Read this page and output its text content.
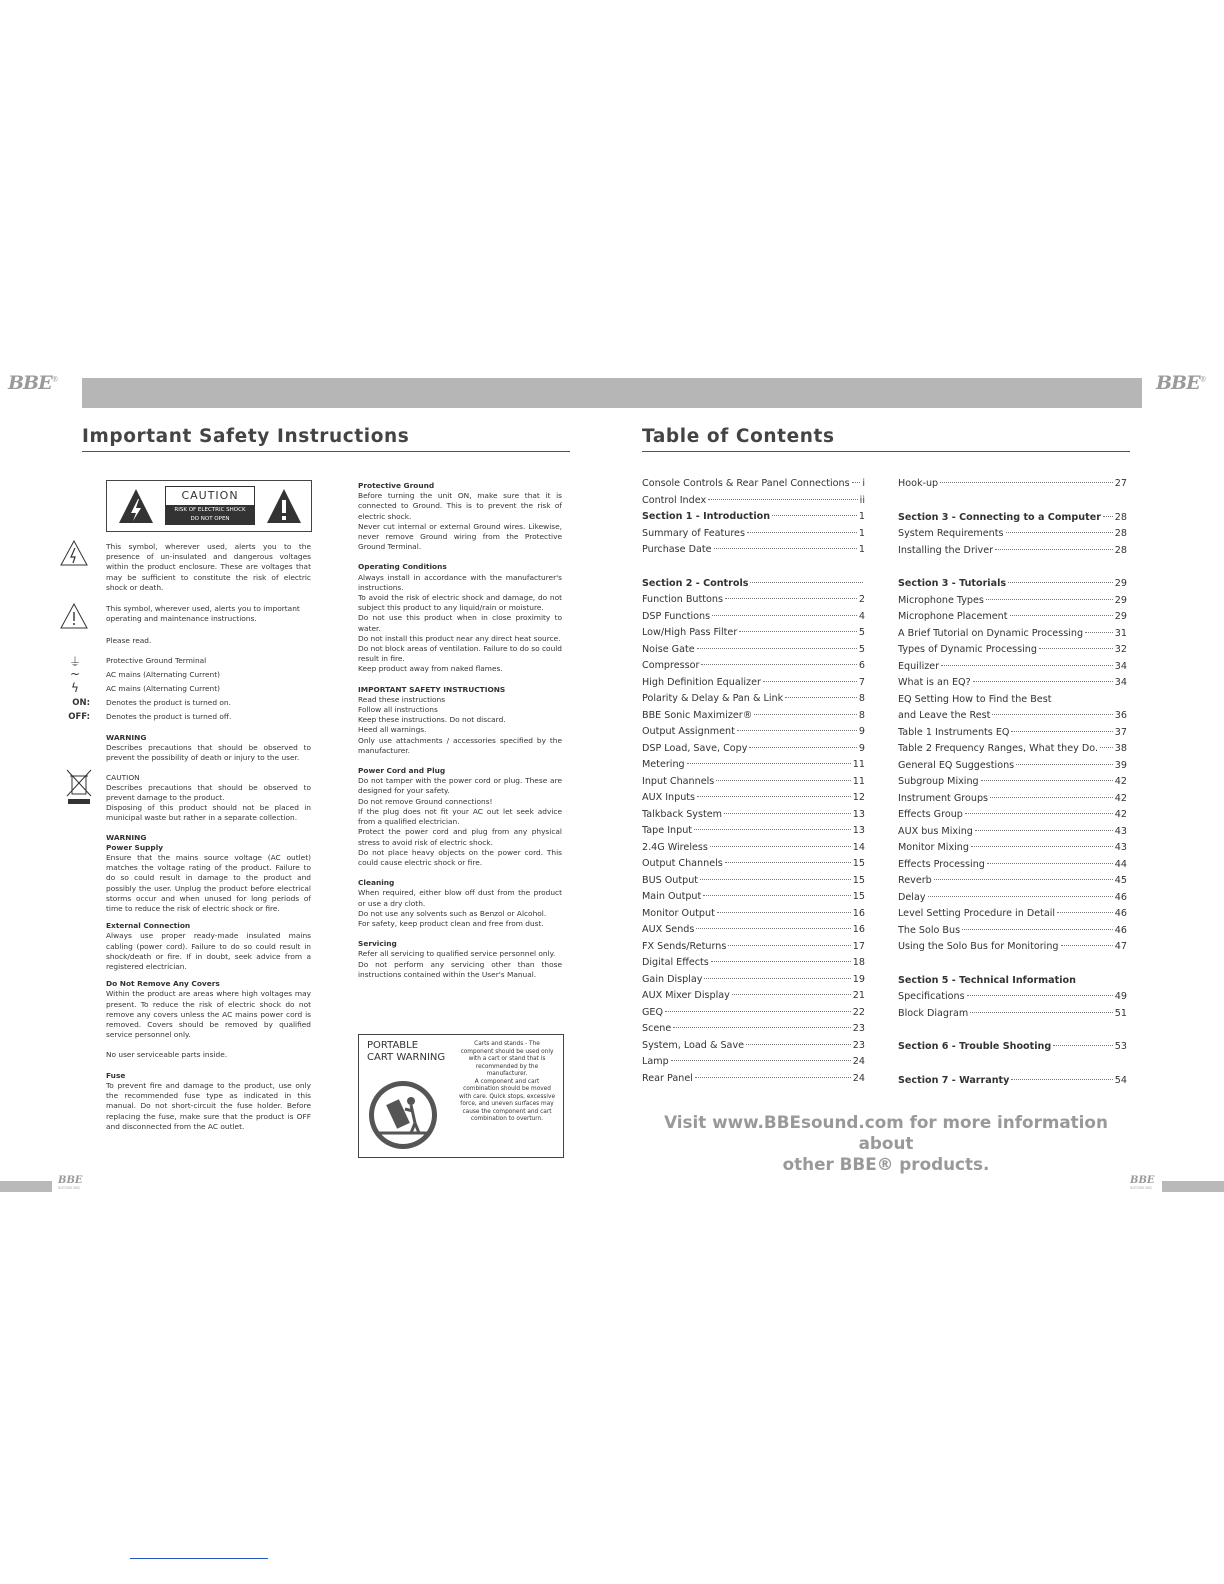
BBE®	BBE®
Important Safety Instructions
CAUTION
RISK OF ELECTRIC SHOCK
DO NOT OPEN
This symbol, wherever used, alerts you to the presence of un-insulated and dangerous voltages within the product enclosure. These are voltages that may be sufficient to constitute the risk of electric shock or death.
This symbol, wherever used, alerts you to important operating and maintenance instructions.
Please read.
⏚	Protective Ground Terminal
~	AC mains (Alternating Current)
ϟ	AC mains (Alternating Current)
ON: Denotes the product is turned on.
OFF: Denotes the product is turned off.

WARNING
Describes precautions that should be observed to prevent the possibility of death or injury to the user.

CAUTION
Describes precautions that should be observed to prevent damage to the product.
Disposing of this product should not be placed in municipal waste but rather in a separate collection.

WARNING
Power Supply
Ensure that the mains source voltage (AC outlet) matches the voltage rating of the product. Failure to do so could result in damage to the product and possibly the user. Unplug the product before electrical storms occur and when unused for long periods of time to reduce the risk of electric shock or fire.

External Connection
Always use proper ready-made insulated mains cabling (power cord). Failure to do so could result in shock/death or fire. If in doubt, seek advice from a registered electrician.

Do Not Remove Any Covers
Within the product are areas where high voltages may present. To reduce the risk of electric shock do not remove any covers unless the AC mains power cord is removed. Covers should be removed by qualified service personnel only.

No user serviceable parts inside.

Fuse
To prevent fire and damage to the product, use only the recommended fuse type as indicated in this manual. Do not short-circuit the fuse holder. Before replacing the fuse, make sure that the product is OFF and disconnected from the AC outlet.

Protective Ground
Before turning the unit ON, make sure that it is connected to Ground. This is to prevent the risk of electric shock.
Never cut internal or external Ground wires. Likewise, never remove Ground wiring from the Protective Ground Terminal.

Operating Conditions
Always install in accordance with the manufacturer's instructions.
To avoid the risk of electric shock and damage, do not subject this product to any liquid/rain or moisture.
Do not use this product when in close proximity to water.
Do not install this product near any direct heat source.
Do not block areas of ventilation. Failure to do so could result in fire.
Keep product away from naked flames.

IMPORTANT SAFETY INSTRUCTIONS
Read these instructions
Follow all instructions
Keep these instructions. Do not discard.
Heed all warnings.
Only use attachments / accessories specified by the manufacturer.

Power Cord and Plug
Do not tamper with the power cord or plug. These are designed for your safety.
Do not remove Ground connections!
If the plug does not fit your AC out let seek advice from a qualified electrician.
Protect the power cord and plug from any physical stress to avoid risk of electric shock.
Do not place heavy objects on the power cord. This could cause electric shock or fire.

Cleaning
When required, either blow off dust from the product or use a dry cloth.
Do not use any solvents such as Benzol or Alcohol.
For safety, keep product clean and free from dust.

Servicing
Refer all servicing to qualified service personnel only.
Do not perform any servicing other than those instructions contained within the User's Manual.

PORTABLE
CART WARNING
Carts and stands - The component should be used only with a cart or stand that is recommended by the manufacturer.
A component and cart combination should be moved with care. Quick stops, excessive force, and uneven surfaces may cause the component and cart combination to overturn.
Table of Contents
Console Controls & Rear Panel Connections i
Control Index	ii
Section 1 - Introduction	1
Summary of Features	1
Purchase Date	1
Section 2 - Controls
Function Buttons	2
DSP Functions	4
Low/High Pass Filter	5
Noise Gate	5
Compressor	6
High Definition Equalizer	7
Polarity & Delay & Pan & Link	8
BBE Sonic Maximizer®	8
Output Assignment	9
DSP Load, Save, Copy	9
Metering	11
Input Channels	11
AUX Inputs	12
Talkback System	13
Tape Input	13
2.4G Wireless	14
Output Channels	15
BUS Output	15
Main Output	15
Monitor Output	16
AUX Sends	16
FX Sends/Returns	17
Digital Effects	18
Gain Display	19
AUX Mixer Display	21
GEQ	22
Scene	23
System, Load & Save	23
Lamp	24
Rear Panel	24
Hook-up	27
Section 3 - Connecting to a Computer 28
System Requirements	28
Installing the Driver	28
Section 3 - Tutorials	29
Microphone Types	29
Microphone Placement	29
A Brief Tutorial on Dynamic Processing	31
Types of Dynamic Processing	32
Equilizer	34
What is an EQ?	34
EQ Setting How to Find the Best
and Leave the Rest	36
Table 1 Instruments EQ	37
Table 2 Frequency Ranges, What they Do. 38
General EQ Suggestions	39
Subgroup Mixing	42
Instrument Groups	42
Effects Group	42
AUX bus Mixing	43
Monitor Mixing	43
Effects Processing	44
Reverb	45
Delay	46
Level Setting Procedure in Detail	46
The Solo Bus	46
Using the Solo Bus for Monitoring	47
Section 5 - Technical Information
Specifications	49
Block Diagram	51
Section 6 - Trouble Shooting	53
Section 7 - Warranty	54
Visit www.BBEsound.com for more information about
other BBE® products.
BBE
SOUND INC
BBE
SOUND INC
